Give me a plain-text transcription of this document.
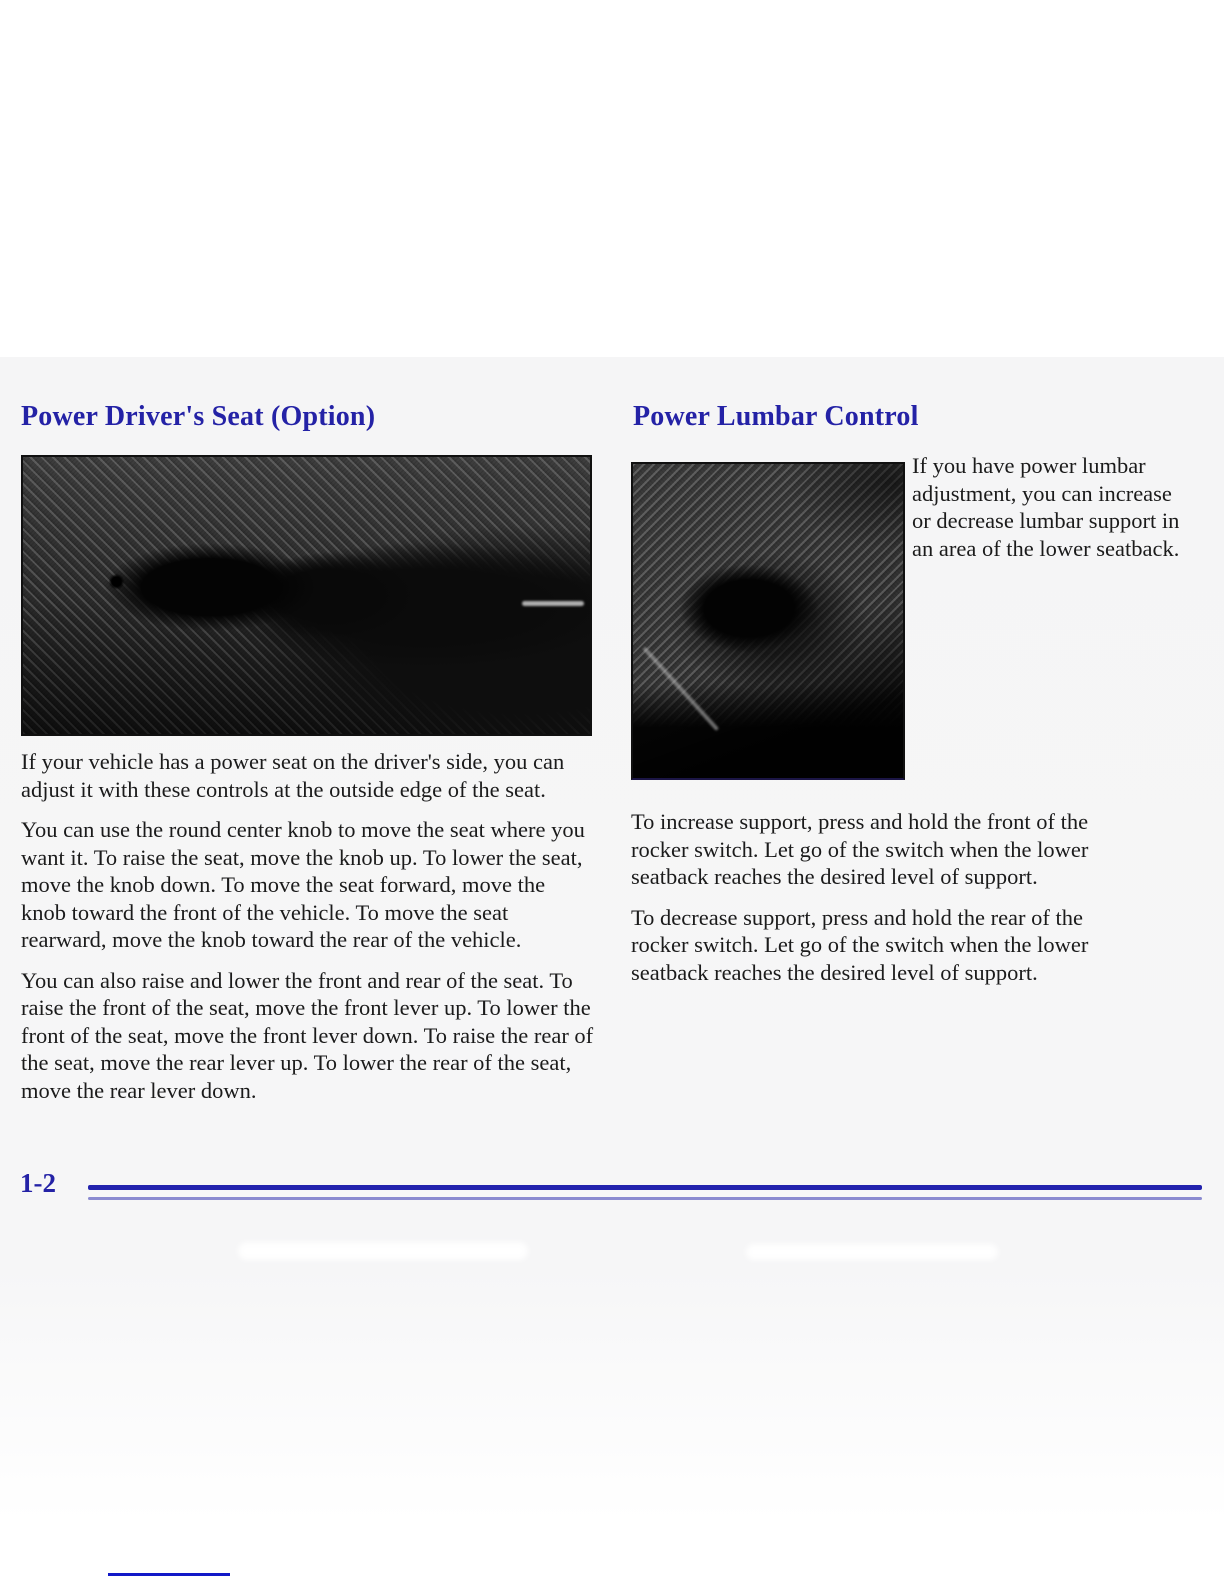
Power Driver's Seat (Option)	Power Lumbar Control

If you have power lumbar adjustment, you can increase or decrease lumbar support in an area of the lower seatback.

If your vehicle has a power seat on the driver's side, you can adjust it with these controls at the outside edge of the seat.

You can use the round center knob to move the seat where you want it. To raise the seat, move the knob up. To lower the seat, move the knob down. To move the seat forward, move the knob toward the front of the vehicle. To move the seat rearward, move the knob toward the rear of the vehicle.

You can also raise and lower the front and rear of the seat. To raise the front of the seat, move the front lever up. To lower the front of the seat, move the front lever down. To raise the rear of the seat, move the rear lever up. To lower the rear of the seat, move the rear lever down.

To increase support, press and hold the front of the rocker switch. Let go of the switch when the lower seatback reaches the desired level of support.

To decrease support, press and hold the rear of the rocker switch. Let go of the switch when the lower seatback reaches the desired level of support.

1-2
